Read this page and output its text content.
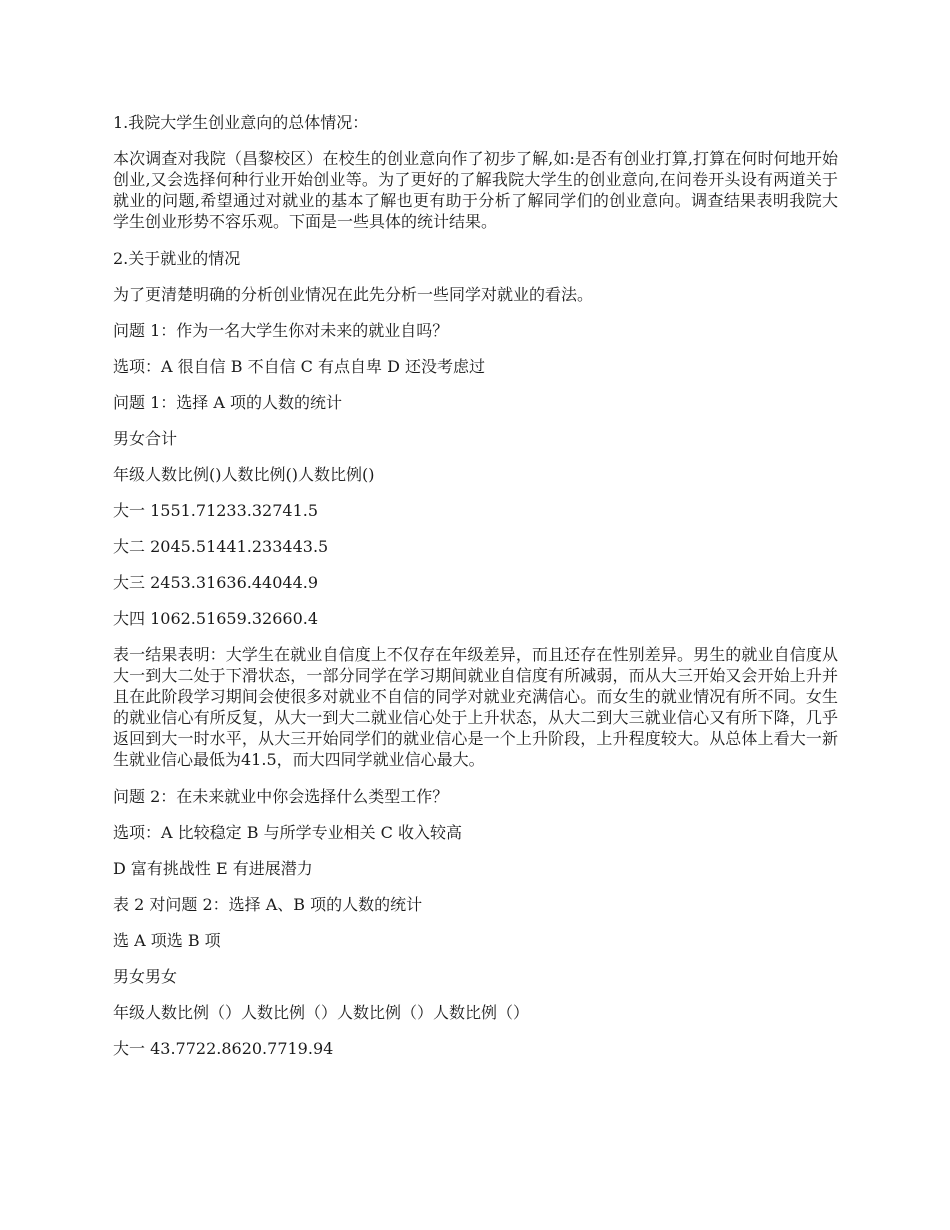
1.我院大学生创业意向的总体情况：

本次调查对我院（昌黎校区）在校生的创业意向作了初步了解,如:是否有创业打算,打算在何时何地开始创业,又会选择何种行业开始创业等。为了更好的了解我院大学生的创业意向,在问卷开头设有两道关于就业的问题,希望通过对就业的基本了解也更有助于分析了解同学们的创业意向。调查结果表明我院大学生创业形势不容乐观。下面是一些具体的统计结果。

2.关于就业的情况

为了更清楚明确的分析创业情况在此先分析一些同学对就业的看法。

问题 1：作为一名大学生你对未来的就业自吗？

选项：A 很自信 B 不自信 C 有点自卑 D 还没考虑过

问题 1：选择 A 项的人数的统计

男女合计

年级人数比例()人数比例()人数比例()

大一 1551.71233.32741.5

大二 2045.51441.233443.5

大三 2453.31636.44044.9

大四 1062.51659.32660.4

表一结果表明：大学生在就业自信度上不仅存在年级差异，而且还存在性别差异。男生的就业自信度从大一到大二处于下滑状态，一部分同学在学习期间就业自信度有所减弱，而从大三开始又会开始上升并且在此阶段学习期间会使很多对就业不自信的同学对就业充满信心。而女生的就业情况有所不同。女生的就业信心有所反复，从大一到大二就业信心处于上升状态，从大二到大三就业信心又有所下降，几乎返回到大一时水平，从大三开始同学们的就业信心是一个上升阶段，上升程度较大。从总体上看大一新生就业信心最低为41.5，而大四同学就业信心最大。

问题 2：在未来就业中你会选择什么类型工作？

选项：A 比较稳定 B 与所学专业相关 C 收入较高

D 富有挑战性 E 有进展潜力

表 2 对问题 2：选择 A、B 项的人数的统计

选 A 项选 B 项

男女男女

年级人数比例（）人数比例（）人数比例（）人数比例（）

大一 43.7722.8620.7719.94
